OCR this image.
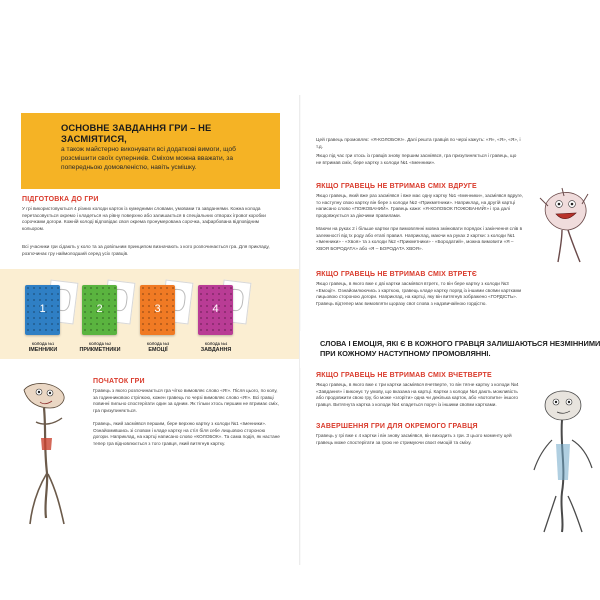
ОСНОВНЕ ЗАВДАННЯ ГРИ – НЕ ЗАСМІЯТИСЯ,
а також майстерно виконувати всі додаткові вимоги, щоб розсмішити своїх суперників. Сміхом можна вважати, за попередньою домовленістю, навіть усмішку.
ПІДГОТОВКА ДО ГРИ
У грі використовуються 4 різних колоди карток із кумедними словами, умовами та завданнями. Кожна колода перетасовується окремо і кладеться на рівну поверхню або залишається в спеціальних отворах ігрової коробки сорочками догори. Кожній колоді відповідає своя окрема пронумерована сорочка, зафарбована відповідним кольором.
Всі учасники гри сідають у коло та за довільним принципом визначають з кого розпочинається гра. Для прикладу, розпочинає гру наймолодший серед усіх гравців.
1	2	3	4
КОЛОДА №1
ІМЕННИКИ
КОЛОДА №2
ПРИКМЕТНИКИ
КОЛОДА №3
ЕМОЦІЇ
КОЛОДА №4
ЗАВДАННЯ
ПОЧАТОК ГРИ
Гравець з якого розпочинається гра чітко вимовляє слово «Я!». Після цього, по колу, за годинниковою стрілкою, кожен гравець по черзі вимовляє слово «Я!». Всі гравці повинні пильно спостерігати один за одним. Як тільки хтось першим не втримає сміх, гра призупиняється.
Гравець, який засміявся першим, бере верхню картку з колоди №1 «Іменники». Ознайомившись зі словом і кладе картку на стіл біля себе лицьовою стороною догори. Наприклад, на картці написано слово «КОЛОБОК». Та сама подія, як настане тепер гра відновлюється з того гравця, який витягнув картку.
Цей гравець промовляє: «Я-КОЛОБОК!». Далі решта гравців по черзі кажуть: «Я», «Я», «Я», і т.д.
Якщо під час гри хтось із гравців знову першим засміявся, гра призупиняється і гравець, що не втримав сміх, бере картку з колоди №1 «Іменники».
ЯКЩО ГРАВЕЦЬ НЕ ВТРИМАВ СМІХ ВДРУГЕ
Якщо гравець, який вже раз засміявся і вже має одну картку №1 «Іменники», засміявся вдруге, то наступну свою картку він бере з колоди №2 «Прикметники». Наприклад, на другій картці написано слово «ПОЖОВАНИЙ». Гравець каже: «Я-КОЛОБОК ПОЖОВАНИЙ!» і гра далі продовжується за діючими правилами.
Маючи на руках 2 і більше картки при вимовлянні мовна змінювати порядок і закінчення слів в залежності від їх роду або етапі правил. Наприклад, маючи на руках 2 картки: з колоди №1 «Іменники» - «Хвоя» та з колоди №2 «Прикметники» - «Бородатий», можна вимовити «Я – ХВОЯ БОРОДАТА» або «Я – БОРОДАТА ХВОЯ».
ЯКЩО ГРАВЕЦЬ НЕ ВТРИМАВ СМІХ ВТРЕТЄ
Якщо гравець, в якого вже є дві картки засміявся втретє, то він бере картку з колоди №3 «Емоції». Ознайомлюючись з карткою, гравець кладе картку поряд із іншими своїми картками лицьовою стороною догори. Наприклад, на картці, яку він витягнув зображено «ГОРДІСТЬ». Гравець відтепер має вимовляти щоразу свої слова з надзвичайною гордістю.
СЛОВА І ЕМОЦІЯ, ЯКІ Є В КОЖНОГО ГРАВЦЯ ЗАЛИШАЮТЬСЯ НЕЗМІННИМИ ПРИ КОЖНОМУ НАСТУПНОМУ ПРОМОВЛЯННІ.
ЯКЩО ГРАВЕЦЬ НЕ ВТРИМАВ СМІХ ВЧЕТВЕРТЕ
Якщо гравець, в якого вже є три картки засміявся вчетверте, то він тягне картку з колоди №4 «Завдання» і виконує ту умову, що вказана на картці. Картки з колоди №4 дають можливість або продовжити свою гру, бо може «згоріти» одна чи декілька карток, або «вотопити» іншого гравця. Витягнута картка з колоди №4 кладеться поруч із іншими своїми картками.
ЗАВЕРШЕННЯ ГРИ ДЛЯ ОКРЕМОГО ГРАВЦЯ
Гравець у грі вже є 4 картки і він знову засміявся, він виходить з гри. З цього моменту цей гравець може спостерігати за грою не стримуючи своєї емоцій та сміху.
